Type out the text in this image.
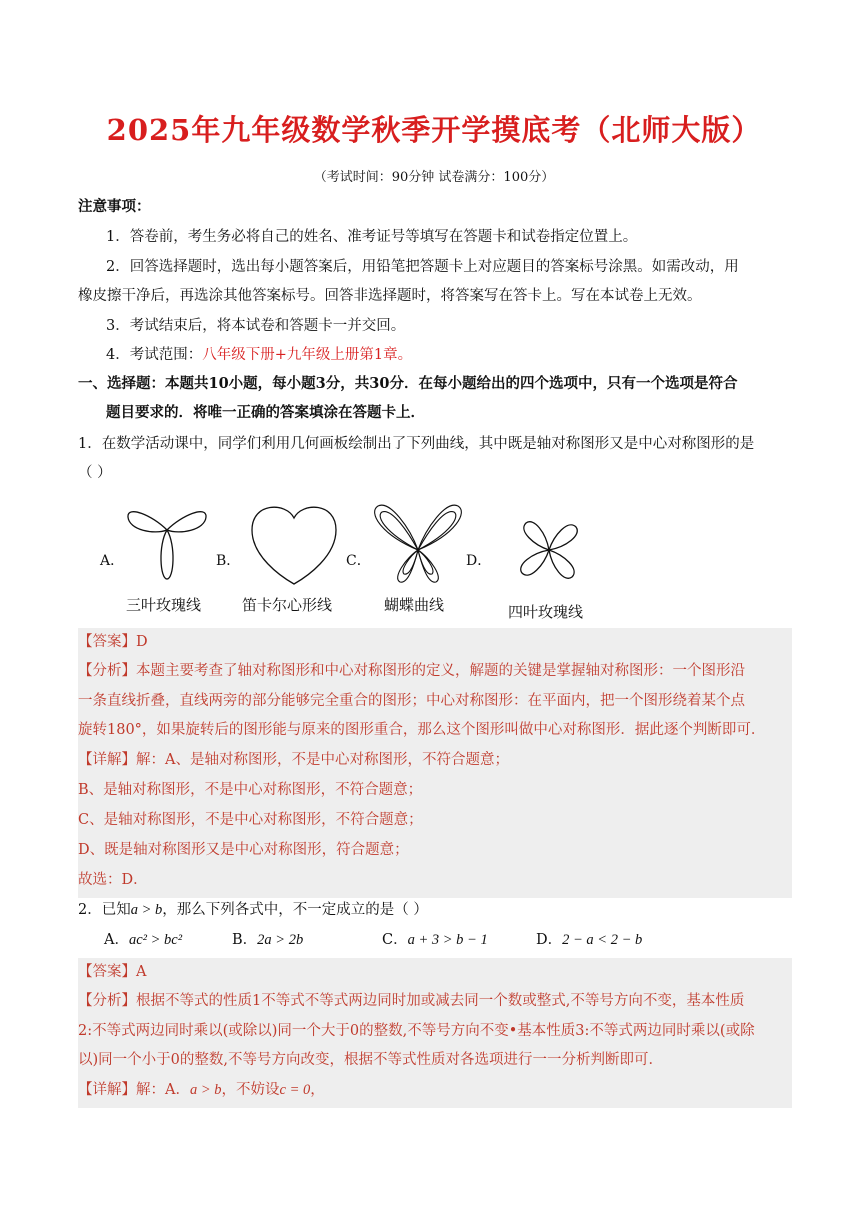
2025年九年级数学秋季开学摸底考（北师大版）
（考试时间：90分钟 试卷满分：100分）
注意事项：
1．答卷前，考生务必将自己的姓名、准考证号等填写在答题卡和试卷指定位置上。
2．回答选择题时，选出每小题答案后，用铅笔把答题卡上对应题目的答案标号涂黑。如需改动，用
橡皮擦干净后，再选涂其他答案标号。回答非选择题时，将答案写在答卡上。写在本试卷上无效。
3．考试结束后，将本试卷和答题卡一并交回。
4．考试范围：八年级下册+九年级上册第1章。
一、选择题：本题共10小题，每小题3分，共30分．在每小题给出的四个选项中，只有一个选项是符合
题目要求的．将唯一正确的答案填涂在答题卡上．
1．在数学活动课中，同学们利用几何画板绘制出了下列曲线，其中既是轴对称图形又是中心对称图形的是
（ ）
A．
三叶玫瑰线
B．
笛卡尔心形线
C．
蝴蝶曲线
D．
四叶玫瑰线
【答案】D
【分析】本题主要考查了轴对称图形和中心对称图形的定义，解题的关键是掌握轴对称图形：一个图形沿
一条直线折叠，直线两旁的部分能够完全重合的图形；中心对称图形：在平面内，把一个图形绕着某个点
旋转180°，如果旋转后的图形能与原来的图形重合，那么这个图形叫做中心对称图形．据此逐个判断即可．
【详解】解：A、是轴对称图形，不是中心对称图形，不符合题意；
B、是轴对称图形，不是中心对称图形，不符合题意；
C、是轴对称图形，不是中心对称图形，不符合题意；
D、既是轴对称图形又是中心对称图形，符合题意；
故选：D．
2．已知a > b，那么下列各式中，不一定成立的是（ ）
A．ac² > bc²	B．2a > 2b	C．a + 3 > b − 1	D．2 − a < 2 − b
【答案】A
【分析】根据不等式的性质1不等式不等式两边同时加或减去同一个数或整式,不等号方向不变，基本性质
2:不等式两边同时乘以(或除以)同一个大于0的整数,不等号方向不变•基本性质3:不等式两边同时乘以(或除
以)同一个小于0的整数,不等号方向改变，根据不等式性质对各选项进行一一分析判断即可．
【详解】解：A．a > b，不妨设c = 0，
